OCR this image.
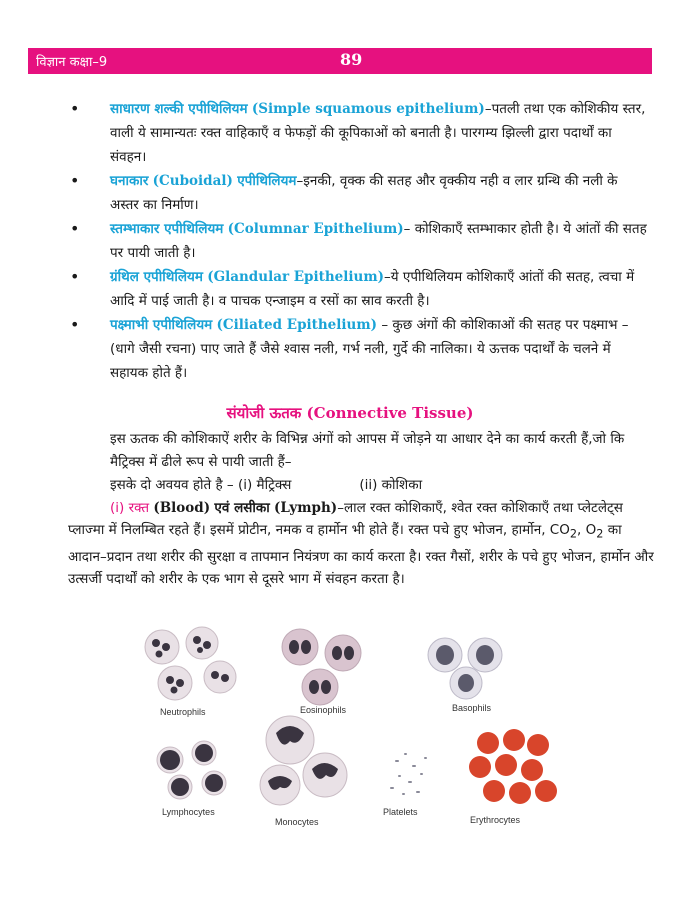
विज्ञान कक्षा–9	89
• साधारण शल्की एपीथिलियम (Simple squamous epithelium)–पतली तथा एक कोशिकीय स्तर, वाली ये सामान्यतः रक्त वाहिकाएँ व फेफड़ों की कूपिकाओं को बनाती है। पारगम्य झिल्ली द्वारा पदार्थों का संवहन।
• घनाकार (Cuboidal) एपीथिलियम–इनकी, वृक्क की सतह और वृक्कीय नही व लार ग्रन्थि की नली के अस्तर का निर्माण।
• स्तम्भाकार एपीथिलियम (Columnar Epithelium)– कोशिकाएँ स्तम्भाकार होती है। ये आंतों की सतह पर पायी जाती है।
• ग्रंथिल एपीथिलियम (Glandular Epithelium)–ये एपीथिलियम कोशिकाएँ आंतों की सतह, त्वचा में आदि में पाई जाती है। व पाचक एन्जाइम व रसों का स्राव करती है।
• पक्ष्माभी एपीथिलियम (Ciliated Epithelium) – कुछ अंगों की कोशिकाओं की सतह पर पक्ष्माभ – (धागे जैसी रचना) पाए जाते हैं जैसे श्वास नली, गर्भ नली, गुर्दे की नालिका। ये ऊत्तक पदार्थों के चलने में सहायक होते हैं।
संयोजी ऊतक (Connective Tissue)
इस ऊतक की कोशिकाऐं शरीर के विभिन्न अंगों को आपस में जोड़ने या आधार देने का कार्य करती हैं,जो कि मैट्रिक्स में ढीले रूप से पायी जाती हैं–
इसके दो अवयव होते है – (i) मैट्रिक्स	(ii) कोशिका
(i) रक्त (Blood) एवं लसीका (Lymph)–लाल रक्त कोशिकाएँ, श्वेत रक्त कोशिकाएँ तथा प्लेटलेट्स प्लाज्मा में निलम्बित रहते हैं। इसमें प्रोटीन, नमक व हार्मोन भी होते हैं। रक्त पचे हुए भोजन, हार्मोन, $CO_2$, $O_2$ का आदान–प्रदान तथा शरीर की सुरक्षा व तापमान नियंत्रण का कार्य करता है। रक्त गैसों, शरीर के पचे हुए भोजन, हार्मोन और उत्सर्जी पदार्थों को शरीर के एक भाग से दूसरे भाग में संवहन करता है।
Neutrophils	Eosinophils	Basophils
Lymphocytes
Monocytes
Platelets
Erythrocytes
